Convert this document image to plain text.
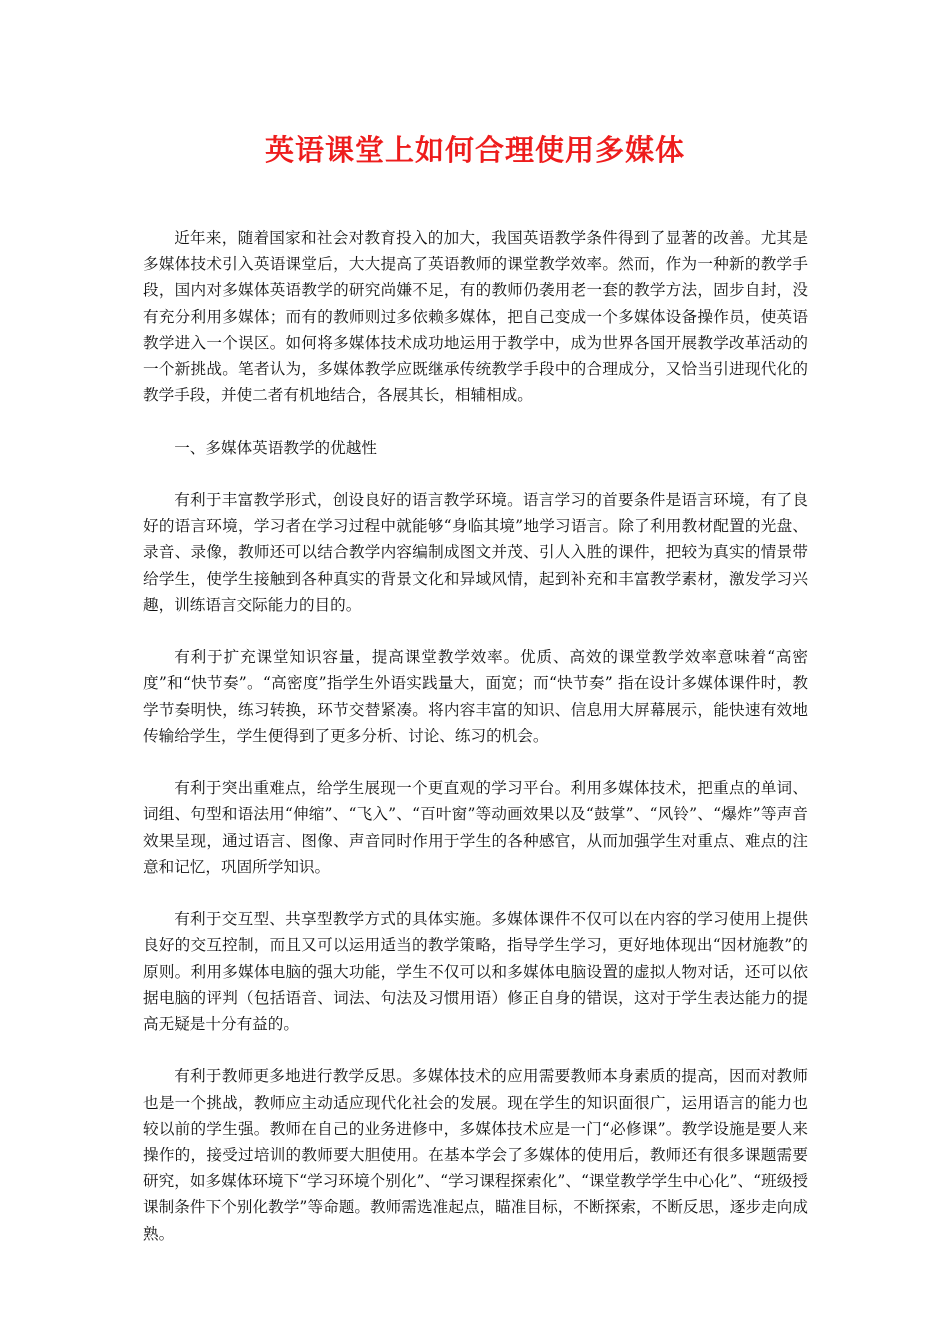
英语课堂上如何合理使用多媒体

近年来，随着国家和社会对教育投入的加大，我国英语教学条件得到了显著的改善。尤其是多媒体技术引入英语课堂后，大大提高了英语教师的课堂教学效率。然而，作为一种新的教学手段，国内对多媒体英语教学的研究尚嫌不足，有的教师仍袭用老一套的教学方法，固步自封，没有充分利用多媒体；而有的教师则过多依赖多媒体，把自己变成一个多媒体设备操作员，使英语教学进入一个误区。如何将多媒体技术成功地运用于教学中，成为世界各国开展教学改革活动的一个新挑战。笔者认为，多媒体教学应既继承传统教学手段中的合理成分，又恰当引进现代化的教学手段，并使二者有机地结合，各展其长，相辅相成。

一、多媒体英语教学的优越性

有利于丰富教学形式，创设良好的语言教学环境。语言学习的首要条件是语言环境，有了良好的语言环境，学习者在学习过程中就能够“身临其境”地学习语言。除了利用教材配置的光盘、录音、录像，教师还可以结合教学内容编制成图文并茂、引人入胜的课件，把较为真实的情景带给学生，使学生接触到各种真实的背景文化和异域风情，起到补充和丰富教学素材，激发学习兴趣，训练语言交际能力的目的。

有利于扩充课堂知识容量，提高课堂教学效率。优质、高效的课堂教学效率意味着“高密度”和“快节奏”。“高密度”指学生外语实践量大，面宽；而“快节奏” 指在设计多媒体课件时，教学节奏明快，练习转换，环节交替紧凑。将内容丰富的知识、信息用大屏幕展示，能快速有效地传输给学生，学生便得到了更多分析、讨论、练习的机会。

有利于突出重难点，给学生展现一个更直观的学习平台。利用多媒体技术，把重点的单词、词组、句型和语法用“伸缩”、“飞入”、“百叶窗”等动画效果以及“鼓掌”、“风铃”、“爆炸”等声音效果呈现，通过语言、图像、声音同时作用于学生的各种感官，从而加强学生对重点、难点的注意和记忆，巩固所学知识。

有利于交互型、共享型教学方式的具体实施。多媒体课件不仅可以在内容的学习使用上提供良好的交互控制，而且又可以运用适当的教学策略，指导学生学习，更好地体现出“因材施教”的原则。利用多媒体电脑的强大功能，学生不仅可以和多媒体电脑设置的虚拟人物对话，还可以依据电脑的评判（包括语音、词法、句法及习惯用语）修正自身的错误，这对于学生表达能力的提高无疑是十分有益的。

有利于教师更多地进行教学反思。多媒体技术的应用需要教师本身素质的提高，因而对教师也是一个挑战，教师应主动适应现代化社会的发展。现在学生的知识面很广，运用语言的能力也较以前的学生强。教师在自己的业务进修中，多媒体技术应是一门“必修课”。教学设施是要人来操作的，接受过培训的教师要大胆使用。在基本学会了多媒体的使用后，教师还有很多课题需要研究，如多媒体环境下“学习环境个别化”、“学习课程探索化”、“课堂教学学生中心化”、“班级授课制条件下个别化教学”等命题。教师需选准起点，瞄准目标，不断探索，不断反思，逐步走向成熟。
